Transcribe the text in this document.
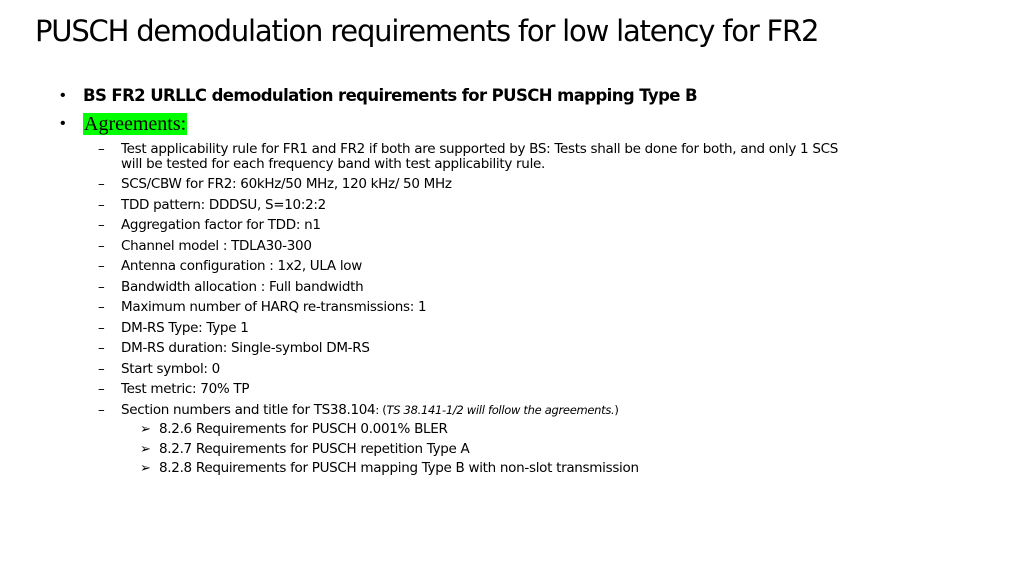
PUSCH demodulation requirements for low latency for FR2
• BS FR2 URLLC demodulation requirements for PUSCH mapping Type B
• Agreements:
– Test applicability rule for FR1 and FR2 if both are supported by BS: Tests shall be done for both, and only 1 SCS
will be tested for each frequency band with test applicability rule.
– SCS/CBW for FR2: 60kHz/50 MHz, 120 kHz/ 50 MHz
– TDD pattern: DDDSU, S=10:2:2
– Aggregation factor for TDD: n1
– Channel model : TDLA30-300
– Antenna configuration : 1x2, ULA low
– Bandwidth allocation : Full bandwidth
– Maximum number of HARQ re-transmissions: 1
– DM-RS Type: Type 1
– DM-RS duration: Single-symbol DM-RS
– Start symbol: 0
– Test metric: 70% TP
– Section numbers and title for TS38.104: (TS 38.141-1/2 will follow the agreements.)
➢ 8.2.6 Requirements for PUSCH 0.001% BLER
➢ 8.2.7 Requirements for PUSCH repetition Type A
➢ 8.2.8 Requirements for PUSCH mapping Type B with non-slot transmission
